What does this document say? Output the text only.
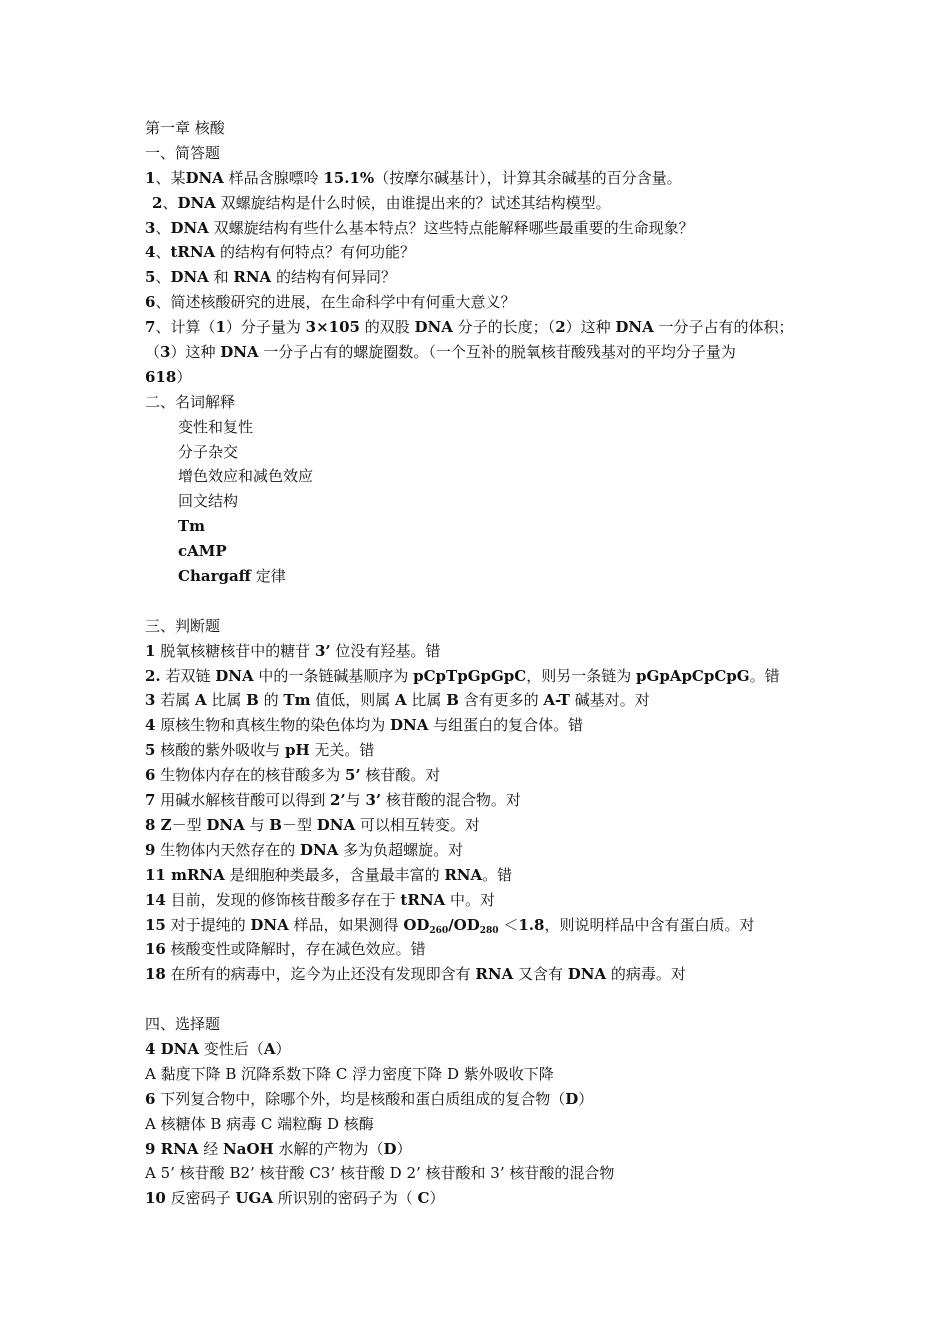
第一章 核酸
一、简答题
1、某DNA 样品含腺嘌呤 15.1%（按摩尔碱基计），计算其余碱基的百分含量。
2、DNA 双螺旋结构是什么时候，由谁提出来的？试述其结构模型。
3、DNA 双螺旋结构有些什么基本特点？这些特点能解释哪些最重要的生命现象？
4、tRNA 的结构有何特点？有何功能？
5、DNA 和 RNA 的结构有何异同？
6、简述核酸研究的进展，在生命科学中有何重大意义？
7、计算（1）分子量为 3×105 的双股 DNA 分子的长度；（2）这种 DNA 一分子占有的体积；
（3）这种 DNA 一分子占有的螺旋圈数。（一个互补的脱氧核苷酸残基对的平均分子量为
618）
二、名词解释
变性和复性
分子杂交
增色效应和减色效应
回文结构
Tm
cAMP
Chargaff 定律
三、判断题
1 脱氧核糖核苷中的糖苷 3’ 位没有羟基。错
2. 若双链 DNA 中的一条链碱基顺序为 pCpTpGpGpC，则另一条链为 pGpApCpCpG。错
3 若属 A 比属 B 的 Tm 值低，则属 A 比属 B 含有更多的 A-T 碱基对。对
4 原核生物和真核生物的染色体均为 DNA 与组蛋白的复合体。错
5 核酸的紫外吸收与 pH 无关。错
6 生物体内存在的核苷酸多为 5’ 核苷酸。对
7 用碱水解核苷酸可以得到 2’与 3’ 核苷酸的混合物。对
8 Z－型 DNA 与 B－型 DNA 可以相互转变。对
9 生物体内天然存在的 DNA 多为负超螺旋。对
11 mRNA 是细胞种类最多，含量最丰富的 RNA。错
14 目前，发现的修饰核苷酸多存在于 tRNA 中。对
15 对于提纯的 DNA 样品，如果测得 $OD_{260}/OD_{280} <1.8$，则说明样品中含有蛋白质。对
16 核酸变性或降解时，存在减色效应。错
18 在所有的病毒中，迄今为止还没有发现即含有 RNA 又含有 DNA 的病毒。对
四、选择题
4 DNA 变性后（A）
A 黏度下降 B 沉降系数下降 C 浮力密度下降 D 紫外吸收下降
6 下列复合物中，除哪个外，均是核酸和蛋白质组成的复合物（D）
A 核糖体 B 病毒 C 端粒酶 D 核酶
9 RNA 经 NaOH 水解的产物为（D）
A 5’ 核苷酸 B2’ 核苷酸 C3’ 核苷酸 D 2’ 核苷酸和 3’ 核苷酸的混合物
10 反密码子 UGA 所识别的密码子为（ C）
